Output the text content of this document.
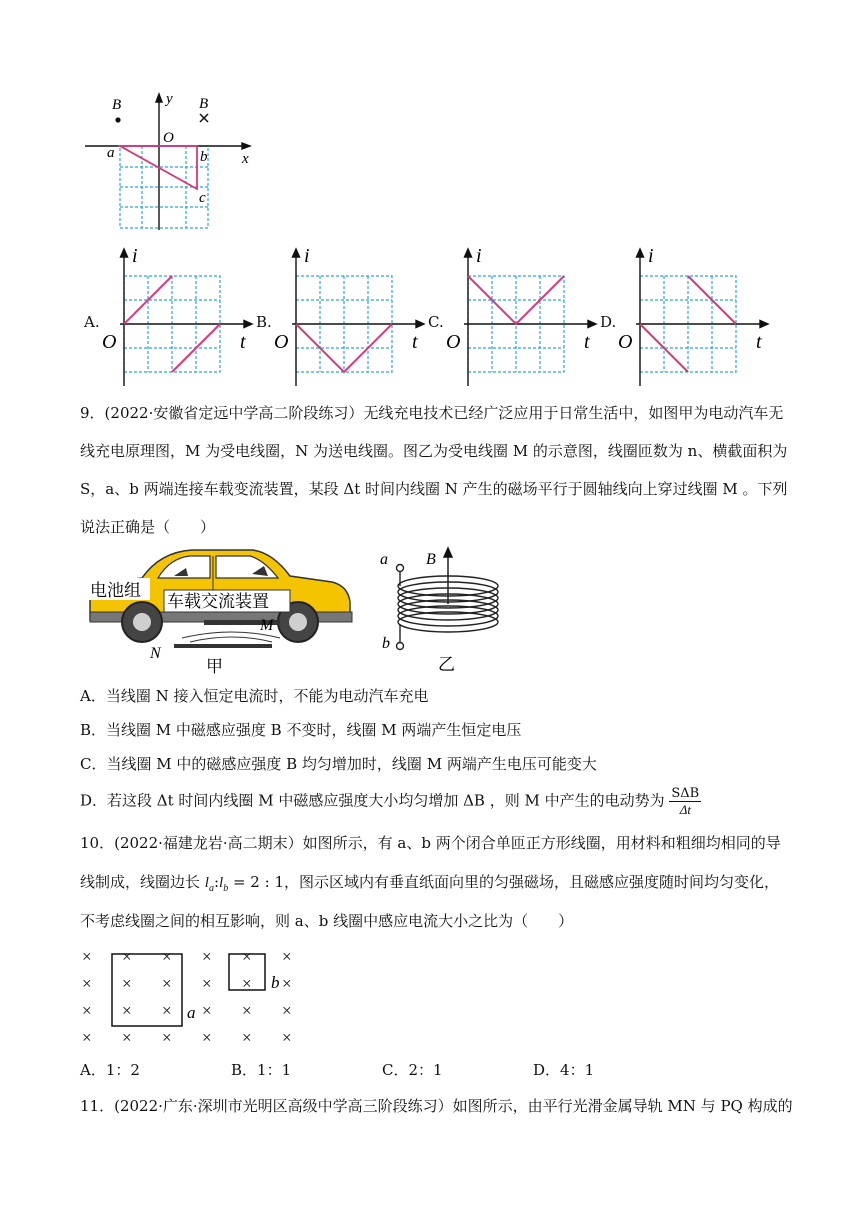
B	B
y
x
O
a	b
c
A.
i
t
O
B.
i
t
O
C.
i
t
O
D.
i
t
O
9．(2022·安徽省定远中学高二阶段练习）无线充电技术已经广泛应用于日常生活中，如图甲为电动汽车无
线充电原理图，M 为受电线圈，N 为送电线圈。图乙为受电线圈 M 的示意图，线圈匝数为 n、横截面积为
S，a、b 两端连接车载变流装置，某段 Δt 时间内线圈 N 产生的磁场平行于圆轴线向上穿过线圈 M 。下列
说法正确是（　　）
电池组
车载交流装置
M
N
甲
B
a
b
乙
A．当线圈 N 接入恒定电流时，不能为电动汽车充电
B．当线圈 M 中磁感应强度 B 不变时，线圈 M 两端产生恒定电压
C．当线圈 M 中的磁感应强度 B 均匀增加时，线圈 M 两端产生电压可能变大
D．若这段 Δt 时间内线圈 M 中磁感应强度大小均匀增加 ΔB ，则 M 中产生的电动势为 $\frac{\text{SΔB}}{\Delta t}$
10．(2022·福建龙岩·高二期末）如图所示，有 a、b 两个闭合单匝正方形线圈，用材料和粗细均相同的导
线制成，线圈边长 $l_a:l_b = 2$ : 1，图示区域内有垂直纸面向里的匀强磁场，且磁感应强度随时间均匀变化，
不考虑线圈之间的相互影响，则 a、b 线圈中感应电流大小之比为（　　）
× × × × × ×
× × × × × ×
× × × × × ×
× × × × × ×
a
b
A．1：2	B．1：1	C．2：1	D．4：1
11．(2022·广东·深圳市光明区高级中学高三阶段练习）如图所示，由平行光滑金属导轨 MN 与 PQ 构成的
